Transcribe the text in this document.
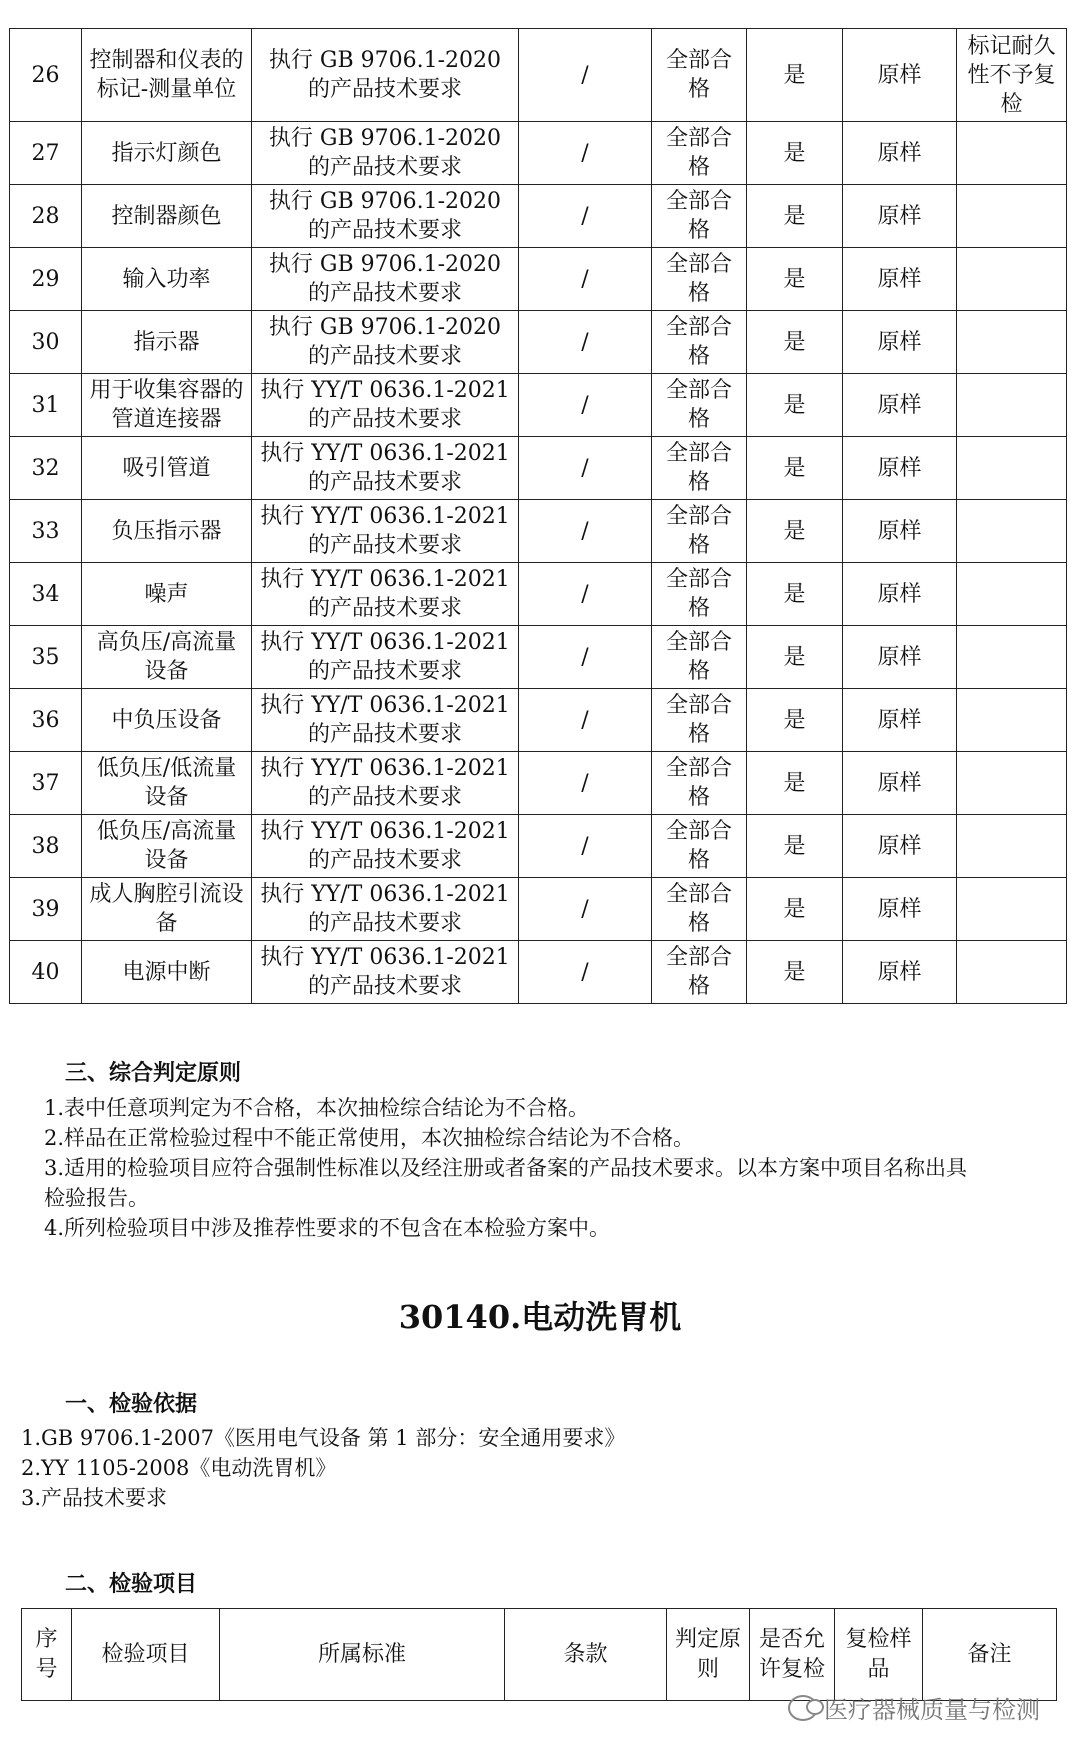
26	控制器和仪表的标记-测量单位	执行 GB 9706.1-2020 的产品技术要求	/	全部合格	是	原样	标记耐久性不予复检
27	指示灯颜色	执行 GB 9706.1-2020 的产品技术要求	/	全部合格	是	原样	
28	控制器颜色	执行 GB 9706.1-2020 的产品技术要求	/	全部合格	是	原样	
29	输入功率	执行 GB 9706.1-2020 的产品技术要求	/	全部合格	是	原样	
30	指示器	执行 GB 9706.1-2020 的产品技术要求	/	全部合格	是	原样	
31	用于收集容器的管道连接器	执行 YY/T 0636.1-2021 的产品技术要求	/	全部合格	是	原样	
32	吸引管道	执行 YY/T 0636.1-2021 的产品技术要求	/	全部合格	是	原样	
33	负压指示器	执行 YY/T 0636.1-2021 的产品技术要求	/	全部合格	是	原样	
34	噪声	执行 YY/T 0636.1-2021 的产品技术要求	/	全部合格	是	原样	
35	高负压/高流量设备	执行 YY/T 0636.1-2021 的产品技术要求	/	全部合格	是	原样	
36	中负压设备	执行 YY/T 0636.1-2021 的产品技术要求	/	全部合格	是	原样	
37	低负压/低流量设备	执行 YY/T 0636.1-2021 的产品技术要求	/	全部合格	是	原样	
38	低负压/高流量设备	执行 YY/T 0636.1-2021 的产品技术要求	/	全部合格	是	原样	
39	成人胸腔引流设备	执行 YY/T 0636.1-2021 的产品技术要求	/	全部合格	是	原样	
40	电源中断	执行 YY/T 0636.1-2021 的产品技术要求	/	全部合格	是	原样	
三、综合判定原则
1.表中任意项判定为不合格，本次抽检综合结论为不合格。
2.样品在正常检验过程中不能正常使用，本次抽检综合结论为不合格。
3.适用的检验项目应符合强制性标准以及经注册或者备案的产品技术要求。以本方案中项目名称出具
检验报告。
4.所列检验项目中涉及推荐性要求的不包含在本检验方案中。
30140.电动洗胃机
一、检验依据
1.GB 9706.1-2007《医用电气设备 第 1 部分：安全通用要求》
2.YY 1105-2008《电动洗胃机》
3.产品技术要求
二、检验项目
序号	检验项目	所属标准	条款	判定原则	是否允许复检	复检样品	备注
医疗器械质量与检测
